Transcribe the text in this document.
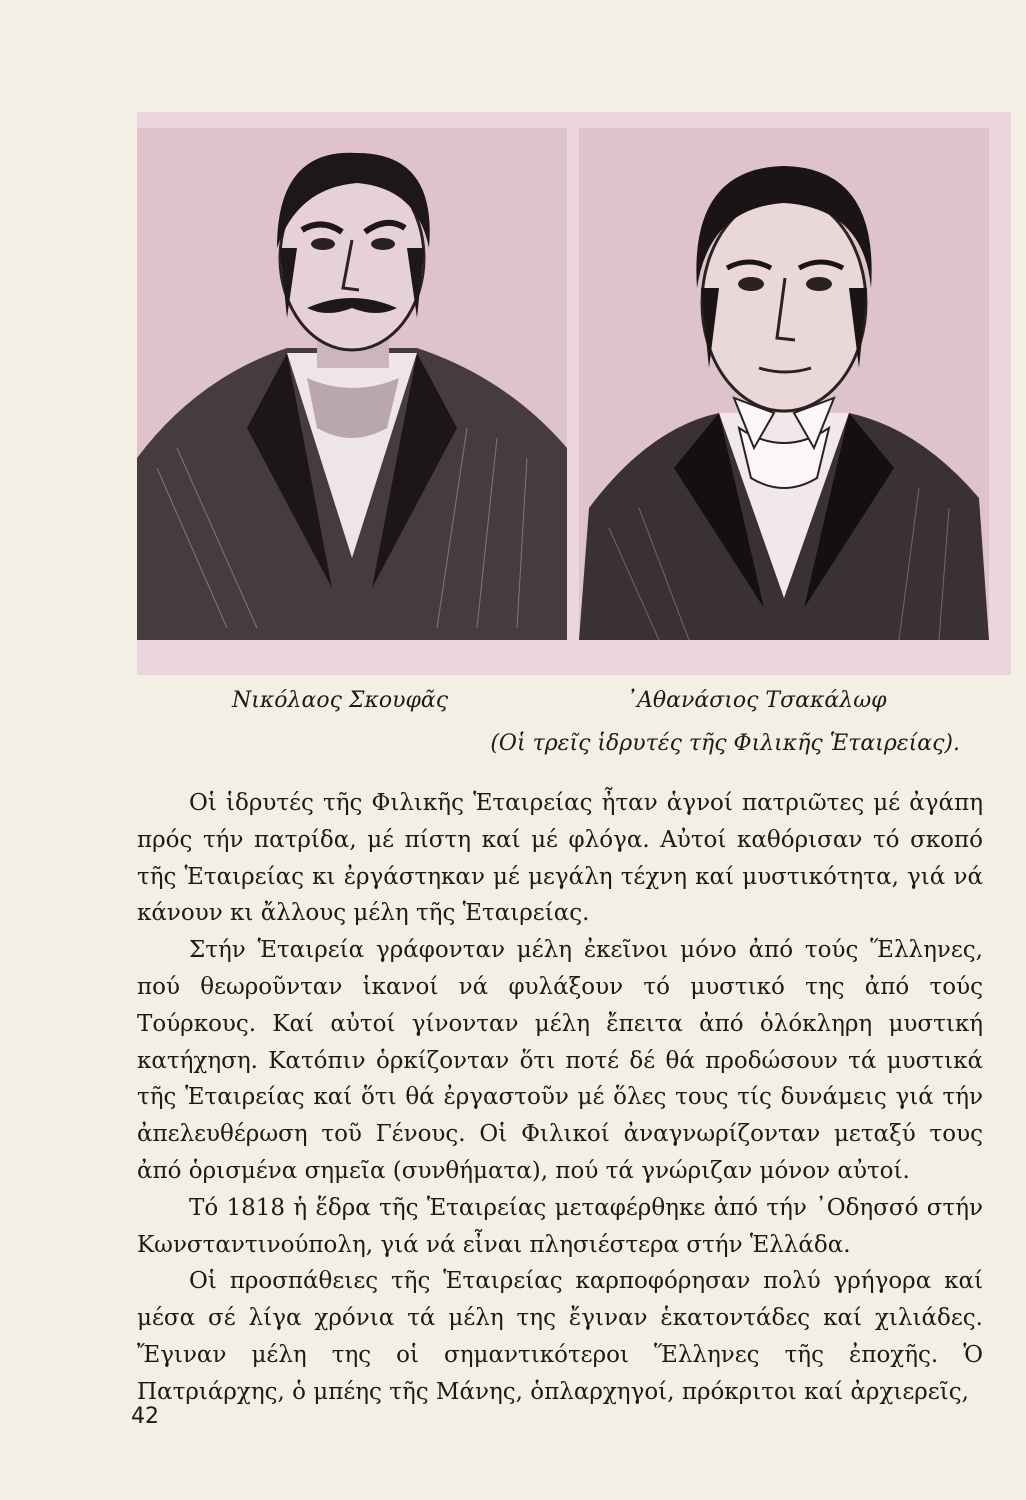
Νικόλαος Σκουφᾶς	᾿Αθανάσιος Τσακάλωφ
(Οἱ τρεῖς ἱδρυτές τῆς Φιλικῆς Ἑταιρείας).

Οἱ ἱδρυτές τῆς Φιλικῆς Ἑταιρείας ἦταν ἁγνοί πατριῶτες μέ ἀγάπη πρός τήν πατρίδα, μέ πίστη καί μέ φλόγα. Αὐτοί καθόρισαν τό σκοπό τῆς Ἑταιρείας κι ἐργάστηκαν μέ μεγάλη τέχνη καί μυστικότητα, γιά νά κάνουν κι ἄλλους μέλη τῆς Ἑταιρείας.

Στήν Ἑταιρεία γράφονταν μέλη ἐκεῖνοι μόνο ἀπό τούς Ἕλληνες, πού θεωροῦνταν ἱκανοί νά φυλάξουν τό μυστικό της ἀπό τούς Τούρκους. Καί αὐτοί γίνονταν μέλη ἔπειτα ἀπό ὁλόκληρη μυστική κατήχηση. Κατόπιν ὁρκίζονταν ὅτι ποτέ δέ θά προδώσουν τά μυστικά τῆς Ἑταιρείας καί ὅτι θά ἐργαστοῦν μέ ὅλες τους τίς δυνάμεις γιά τήν ἀπελευθέρωση τοῦ Γένους. Οἱ Φιλικοί ἀναγνωρίζονταν μεταξύ τους ἀπό ὁρισμένα σημεῖα (συνθήματα), πού τά γνώριζαν μόνον αὐτοί.

Τό 1818 ἡ ἕδρα τῆς Ἑταιρείας μεταφέρθηκε ἀπό τήν ᾿Οδησσό στήν Κωνσταντινούπολη, γιά νά εἶναι πλησιέστερα στήν Ἑλλάδα.

Οἱ προσπάθειες τῆς Ἑταιρείας καρποφόρησαν πολύ γρήγορα καί μέσα σέ λίγα χρόνια τά μέλη της ἔγιναν ἑκατοντάδες καί χιλιάδες. Ἔγιναν μέλη της οἱ σημαντικότεροι Ἕλληνες τῆς ἐποχῆς. Ὁ Πατριάρχης, ὁ μπέης τῆς Μάνης, ὁπλαρχηγοί, πρόκριτοι καί ἀρχιερεῖς,

42
